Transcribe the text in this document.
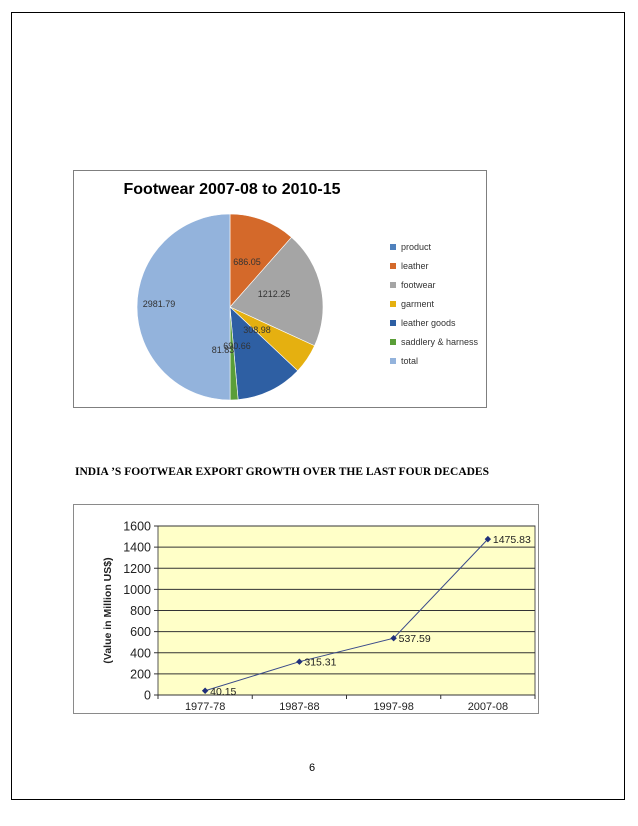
Footwear 2007-08 to 2010-15
686.05
1212.25
308.98
690.66
81.83
2981.79
product
leather
footwear
garment
leather goods
saddlery & harness
total
INDIA ’S FOOTWEAR EXPORT GROWTH OVER THE LAST FOUR DECADES
0
200
400
600
800
1000
1200
1400
1600
1977-78	1987-88	1997-98	2007-08
(Value in Million US$)
40.15
315.31
537.59
1475.83
6
